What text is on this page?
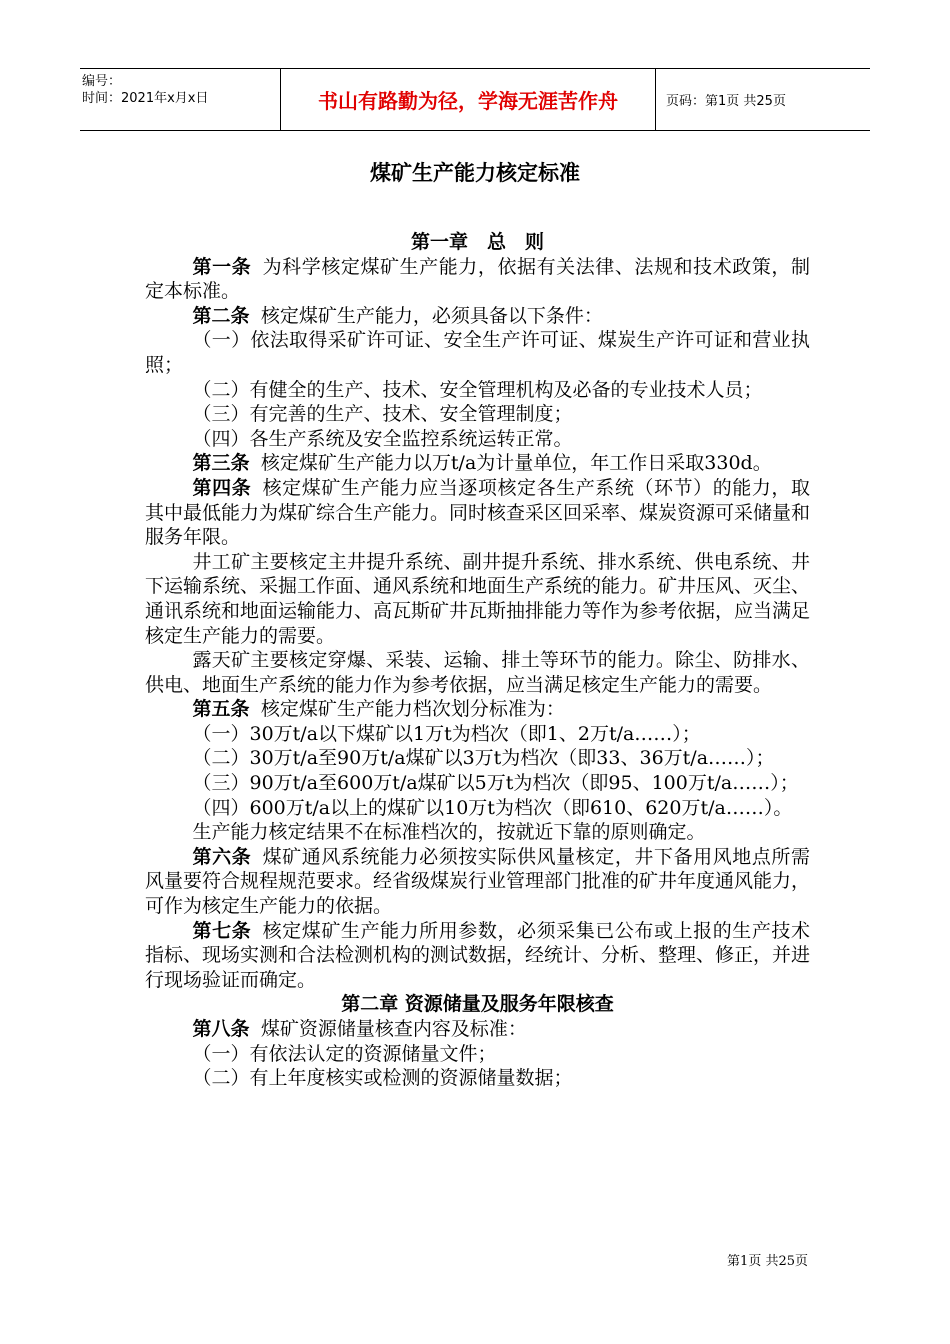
编号：
时间：2021年x月x日	书山有路勤为径，学海无涯苦作舟	页码：第1页 共25页
煤矿生产能力核定标准

第一章　总　则

第一条 为科学核定煤矿生产能力，依据有关法律、法规和技术政策，制定本标准。

第二条 核定煤矿生产能力，必须具备以下条件：

（一）依法取得采矿许可证、安全生产许可证、煤炭生产许可证和营业执照；

（二）有健全的生产、技术、安全管理机构及必备的专业技术人员；

（三）有完善的生产、技术、安全管理制度；

（四）各生产系统及安全监控系统运转正常。

第三条 核定煤矿生产能力以万t/a为计量单位，年工作日采取330d。

第四条 核定煤矿生产能力应当逐项核定各生产系统（环节）的能力，取其中最低能力为煤矿综合生产能力。同时核查采区回采率、煤炭资源可采储量和服务年限。

井工矿主要核定主井提升系统、副井提升系统、排水系统、供电系统、井下运输系统、采掘工作面、通风系统和地面生产系统的能力。矿井压风、灭尘、通讯系统和地面运输能力、高瓦斯矿井瓦斯抽排能力等作为参考依据，应当满足核定生产能力的需要。

露天矿主要核定穿爆、采装、运输、排土等环节的能力。除尘、防排水、供电、地面生产系统的能力作为参考依据，应当满足核定生产能力的需要。

第五条 核定煤矿生产能力档次划分标准为：

（一）30万t/a以下煤矿以1万t为档次（即1、2万t/a……）；

（二）30万t/a至90万t/a煤矿以3万t为档次（即33、36万t/a……）；

（三）90万t/a至600万t/a煤矿以5万t为档次（即95、100万t/a……）；

（四）600万t/a以上的煤矿以10万t为档次（即610、620万t/a……）。

生产能力核定结果不在标准档次的，按就近下靠的原则确定。

第六条 煤矿通风系统能力必须按实际供风量核定，井下备用风地点所需风量要符合规程规范要求。经省级煤炭行业管理部门批准的矿井年度通风能力，可作为核定生产能力的依据。

第七条 核定煤矿生产能力所用参数，必须采集已公布或上报的生产技术指标、现场实测和合法检测机构的测试数据，经统计、分析、整理、修正，并进行现场验证而确定。

第二章 资源储量及服务年限核查

第八条 煤矿资源储量核查内容及标准：

（一）有依法认定的资源储量文件；

（二）有上年度核实或检测的资源储量数据；

第1页 共25页
